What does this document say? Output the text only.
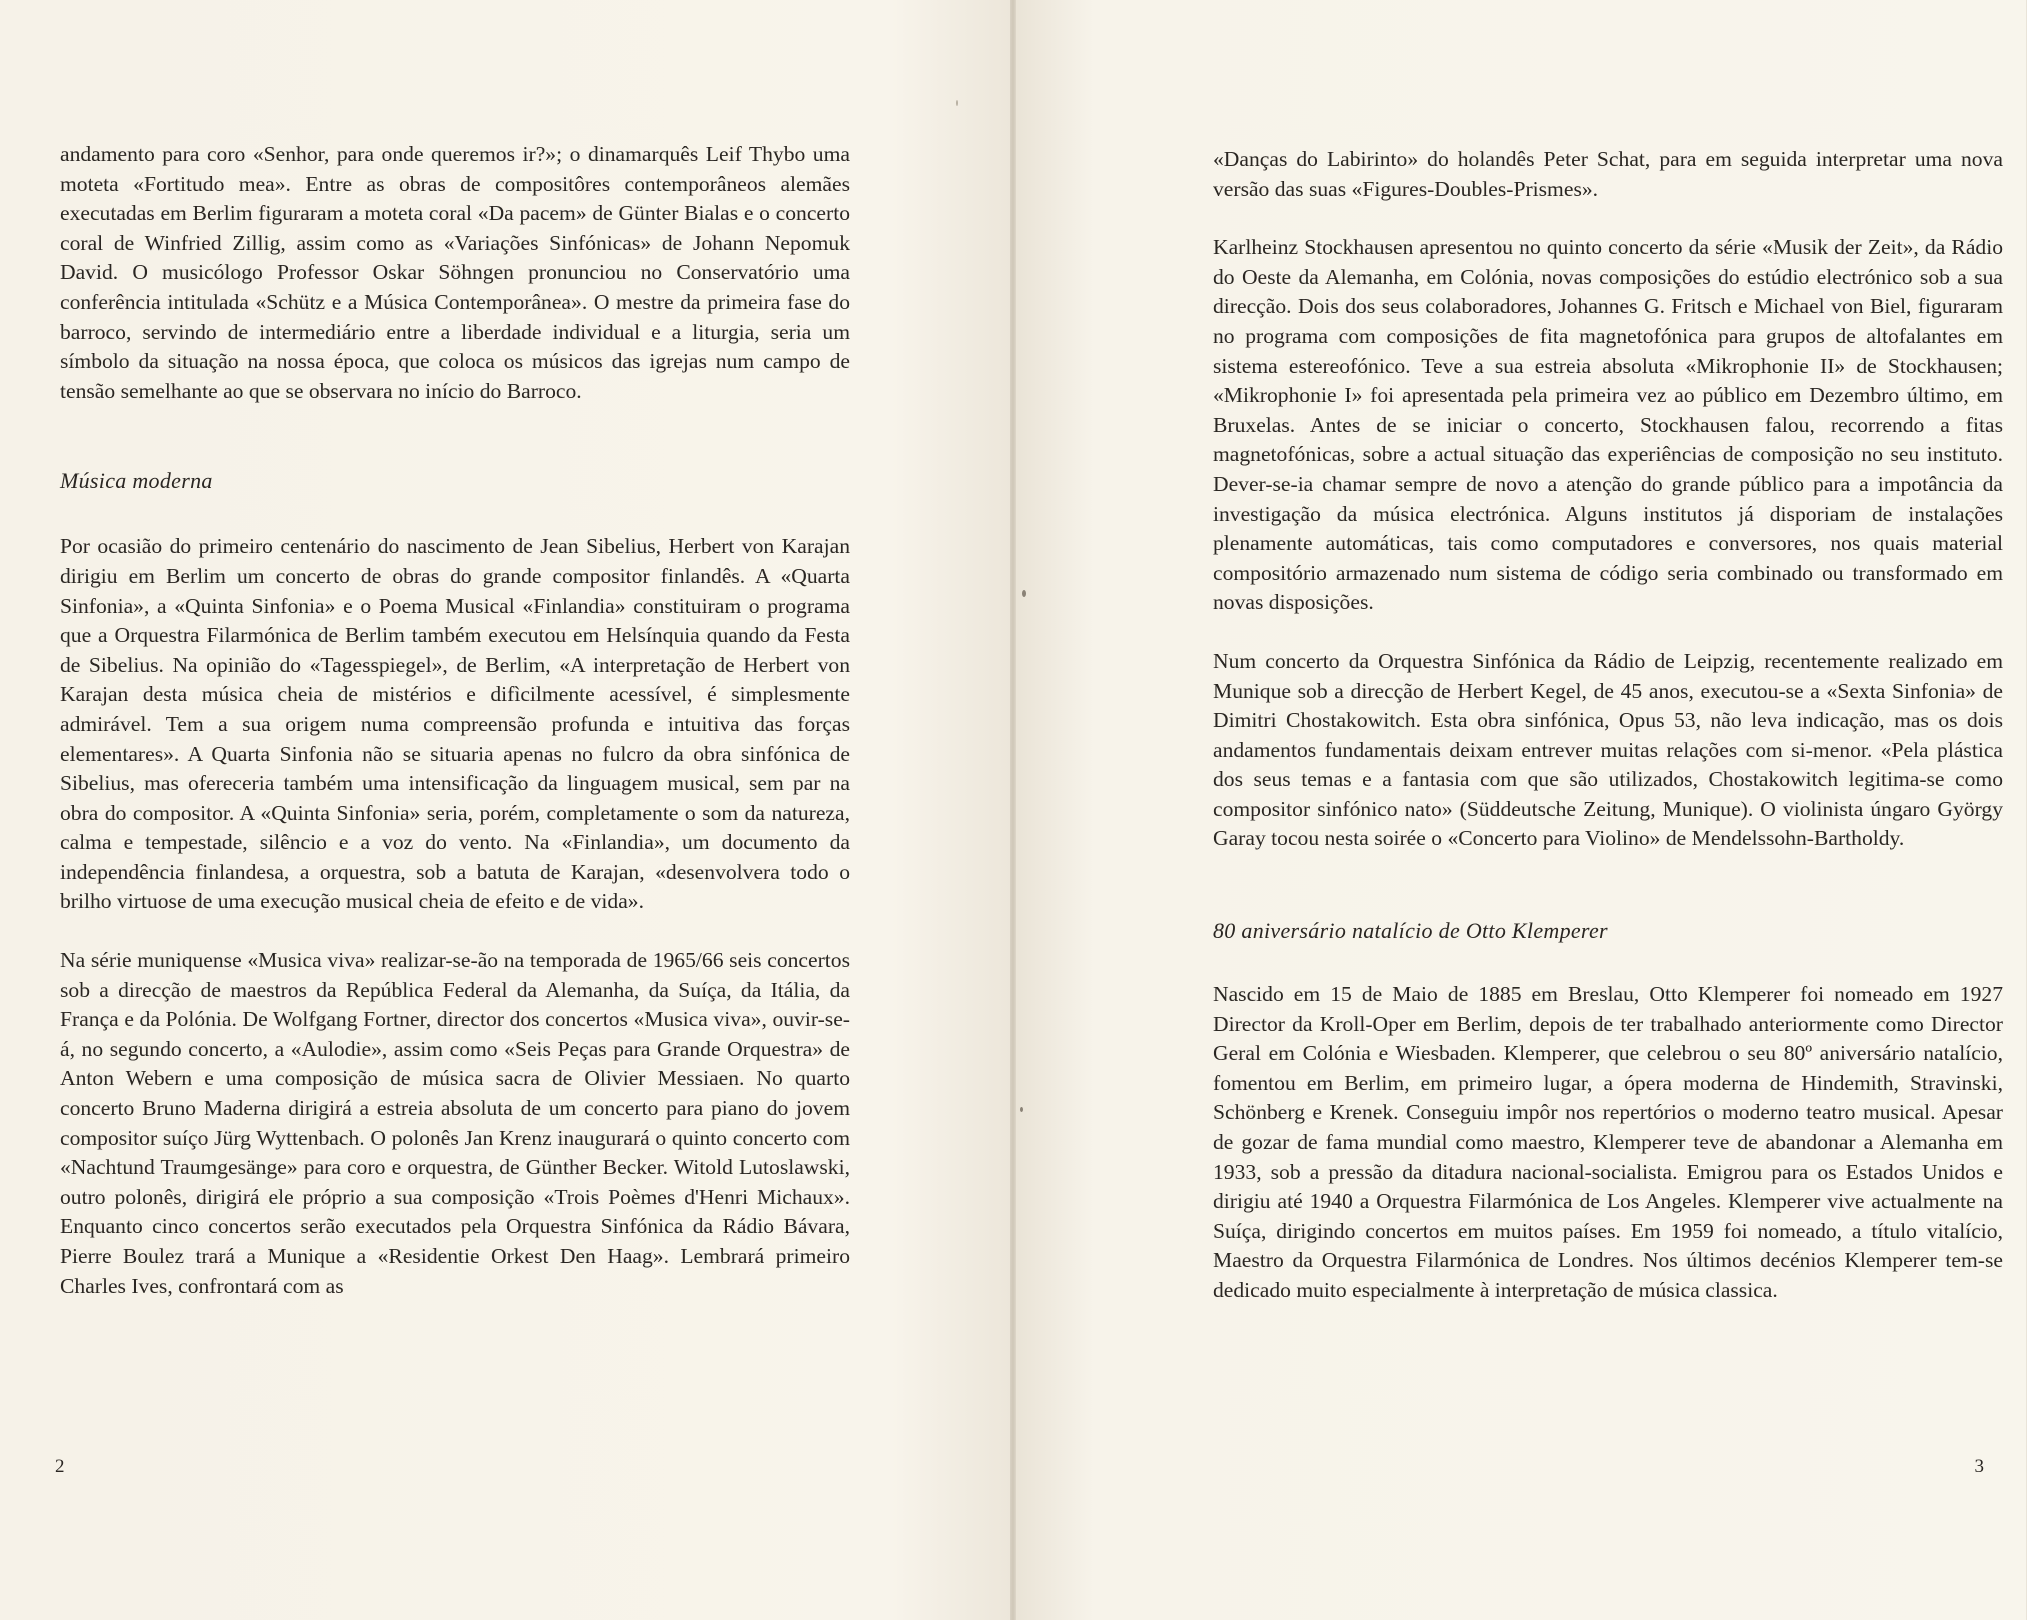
andamento para coro «Senhor, para onde queremos ir?»; o dinamarquês Leif Thybo uma moteta «Fortitudo mea». Entre as obras de compositôres contemporâneos alemães executadas em Berlim figuraram a moteta coral «Da pacem» de Günter Bialas e o concerto coral de Winfried Zillig, assim como as «Variações Sinfónicas» de Johann Nepomuk David. O musicólogo Professor Oskar Söhngen pronunciou no Conservatório uma conferência intitulada «Schütz e a Música Contemporânea». O mestre da primeira fase do barroco, servindo de intermediário entre a liberdade individual e a liturgia, seria um símbolo da situação na nossa época, que coloca os músicos das igrejas num campo de tensão semelhante ao que se observara no início do Barroco.

Música moderna

Por ocasião do primeiro centenário do nascimento de Jean Sibelius, Herbert von Karajan dirigiu em Berlim um concerto de obras do grande compositor finlandês. A «Quarta Sinfonia», a «Quinta Sinfonia» e o Poema Musical «Finlandia» constituiram o programa que a Orquestra Filarmónica de Berlim também executou em Helsínquia quando da Festa de Sibelius. Na opinião do «Tagesspiegel», de Berlim, «A interpretação de Herbert von Karajan desta música cheia de mistérios e difìcilmente acessível, é simplesmente admirável. Tem a sua origem numa compreensão profunda e intuitiva das forças elementares». A Quarta Sinfonia não se situaria apenas no fulcro da obra sinfónica de Sibelius, mas ofereceria também uma intensificação da linguagem musical, sem par na obra do compositor. A «Quinta Sinfonia» seria, porém, completamente o som da natureza, calma e tempestade, silêncio e a voz do vento. Na «Finlandia», um documento da independência finlandesa, a orquestra, sob a batuta de Karajan, «desenvolvera todo o brilho virtuose de uma execução musical cheia de efeito e de vida».

Na série muniquense «Musica viva» realizar-se-ão na temporada de 1965/66 seis concertos sob a direcção de maestros da República Federal da Alemanha, da Suíça, da Itália, da França e da Polónia. De Wolfgang Fortner, director dos concertos «Musica viva», ouvir-se-á, no segundo concerto, a «Aulodie», assim como «Seis Peças para Grande Orquestra» de Anton Webern e uma composição de música sacra de Olivier Messiaen. No quarto concerto Bruno Maderna dirigirá a estreia absoluta de um concerto para piano do jovem compositor suíço Jürg Wyttenbach. O polonês Jan Krenz inaugurará o quinto concerto com «Nachtund Traumgesänge» para coro e orquestra, de Günther Becker. Witold Lutoslawski, outro polonês, dirigirá ele próprio a sua composição «Trois Poèmes d'Henri Michaux». Enquanto cinco concertos serão executados pela Orquestra Sinfónica da Rádio Bávara, Pierre Boulez trará a Munique a «Residentie Orkest Den Haag». Lembrará primeiro Charles Ives, confrontará com as

2

«Danças do Labirinto» do holandês Peter Schat, para em seguida interpretar uma nova versão das suas «Figures-Doubles-Prismes».

Karlheinz Stockhausen apresentou no quinto concerto da série «Musik der Zeit», da Rádio do Oeste da Alemanha, em Colónia, novas composições do estúdio electrónico sob a sua direcção. Dois dos seus colaboradores, Johannes G. Fritsch e Michael von Biel, figuraram no programa com composições de fita magnetofónica para grupos de altofalantes em sistema estereofónico. Teve a sua estreia absoluta «Mikrophonie II» de Stockhausen; «Mikrophonie I» foi apresentada pela primeira vez ao público em Dezembro último, em Bruxelas. Antes de se iniciar o concerto, Stockhausen falou, recorrendo a fitas magnetofónicas, sobre a actual situação das experiências de composição no seu instituto. Dever-se-ia chamar sempre de novo a atenção do grande público para a impotância da investigação da música electrónica. Alguns institutos já disporiam de instalações plenamente automáticas, tais como computadores e conversores, nos quais material compositório armazenado num sistema de código seria combinado ou transformado em novas disposições.

Num concerto da Orquestra Sinfónica da Rádio de Leipzig, recentemente realizado em Munique sob a direcção de Herbert Kegel, de 45 anos, executou-se a «Sexta Sinfonia» de Dimitri Chostakowitch. Esta obra sinfónica, Opus 53, não leva indicação, mas os dois andamentos fundamentais deixam entrever muitas relações com si-menor. «Pela plástica dos seus temas e a fantasia com que são utilizados, Chostakowitch legitima-se como compositor sinfónico nato» (Süddeutsche Zeitung, Munique). O violinista úngaro György Garay tocou nesta soirée o «Concerto para Violino» de Mendelssohn-Bartholdy.

80 aniversário natalício de Otto Klemperer

Nascido em 15 de Maio de 1885 em Breslau, Otto Klemperer foi nomeado em 1927 Director da Kroll-Oper em Berlim, depois de ter trabalhado anteriormente como Director Geral em Colónia e Wiesbaden. Klemperer, que celebrou o seu 80º aniversário natalício, fomentou em Berlim, em primeiro lugar, a ópera moderna de Hindemith, Stravinski, Schönberg e Krenek. Conseguiu impôr nos repertórios o moderno teatro musical. Apesar de gozar de fama mundial como maestro, Klemperer teve de abandonar a Alemanha em 1933, sob a pressão da ditadura nacional-socialista. Emigrou para os Estados Unidos e dirigiu até 1940 a Orquestra Filarmónica de Los Angeles. Klemperer vive actualmente na Suíça, dirigindo concertos em muitos países. Em 1959 foi nomeado, a título vitalício, Maestro da Orquestra Filarmónica de Londres. Nos últimos decénios Klemperer tem-se dedicado muito especialmente à interpretação de música classica.

3
